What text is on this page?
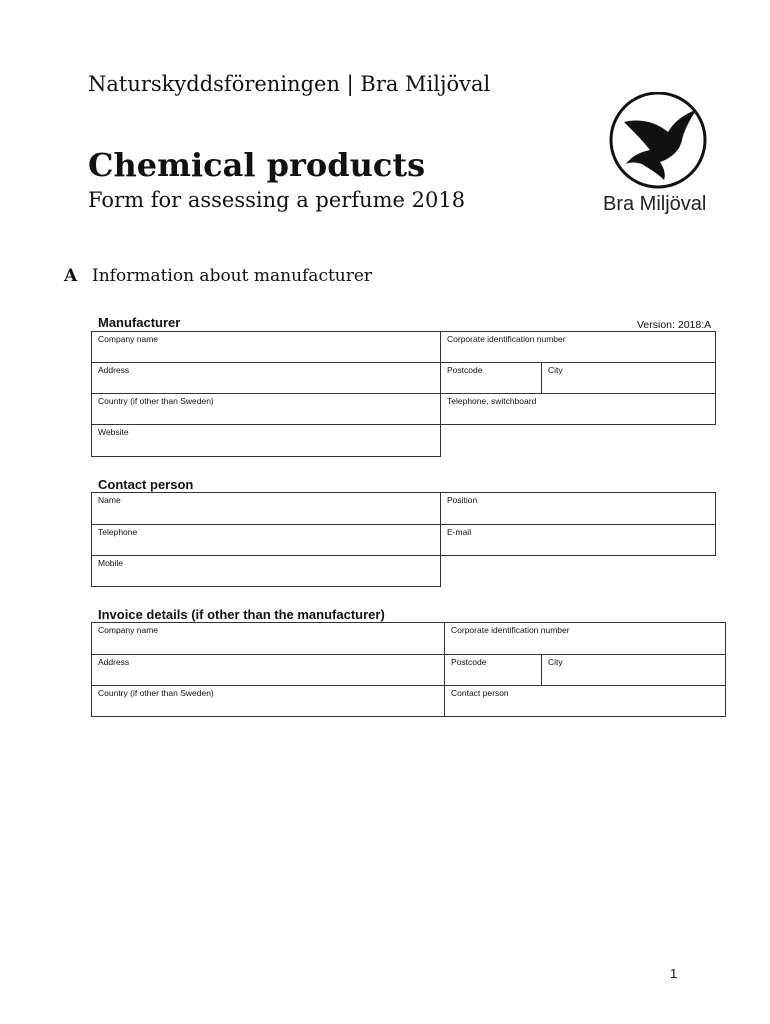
Naturskyddsföreningen | Bra Miljöval
Chemical products
Form for assessing a perfume 2018	Bra Miljöval
A Information about manufacturer
Manufacturer	Version: 2018:A
Company name	Corporate identification number
Address	Postcode	City
Country (if other than Sweden)	Telephone, switchboard
Website
Contact person
Name	Position
Telephone	E-mail
Mobile
Invoice details (if other than the manufacturer)
Company name	Corporate identification number
Address	Postcode	City
Country (if other than Sweden)	Contact person
1
